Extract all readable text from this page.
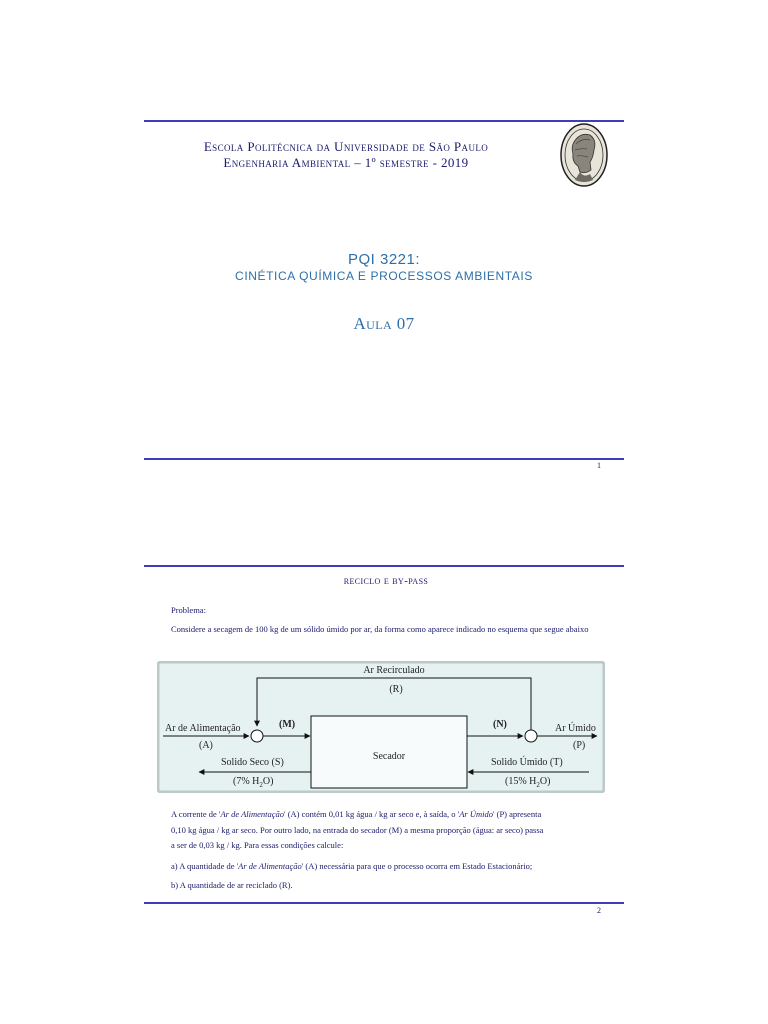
Escola Politécnica da Universidade de São Paulo
Engenharia Ambiental – 1º semestre - 2019
PQI 3221:
CINÉTICA QUÍMICA E PROCESSOS AMBIENTAIS
Aula 07
1
reciclo e by-pass
Problema:
Considere a secagem de 100 kg de um sólido úmido por ar, da forma como aparece indicado no esquema que segue abaixo
Ar Recirculado
(R)
Ar de Alimentação
(A)
(M)	(N)	Ar Úmido
(P)
Secador
Solido Seco (S)
(7% $H_2O$)
Solido Úmido (T)
(15% $H_2O$)
A corrente de 'Ar de Alimentação' (A) contém 0,01 kg água / kg ar seco e, à saída, o 'Ar Úmido' (P) apresenta
0,10 kg água / kg ar seco. Por outro lado, na entrada do secador (M) a mesma proporção (água: ar seco) passa
a ser de 0,03 kg / kg. Para essas condições calcule:
a) A quantidade de 'Ar de Alimentação' (A) necessária para que o processo ocorra em Estado Estacionário;
b) A quantidade de ar reciclado (R).
2
